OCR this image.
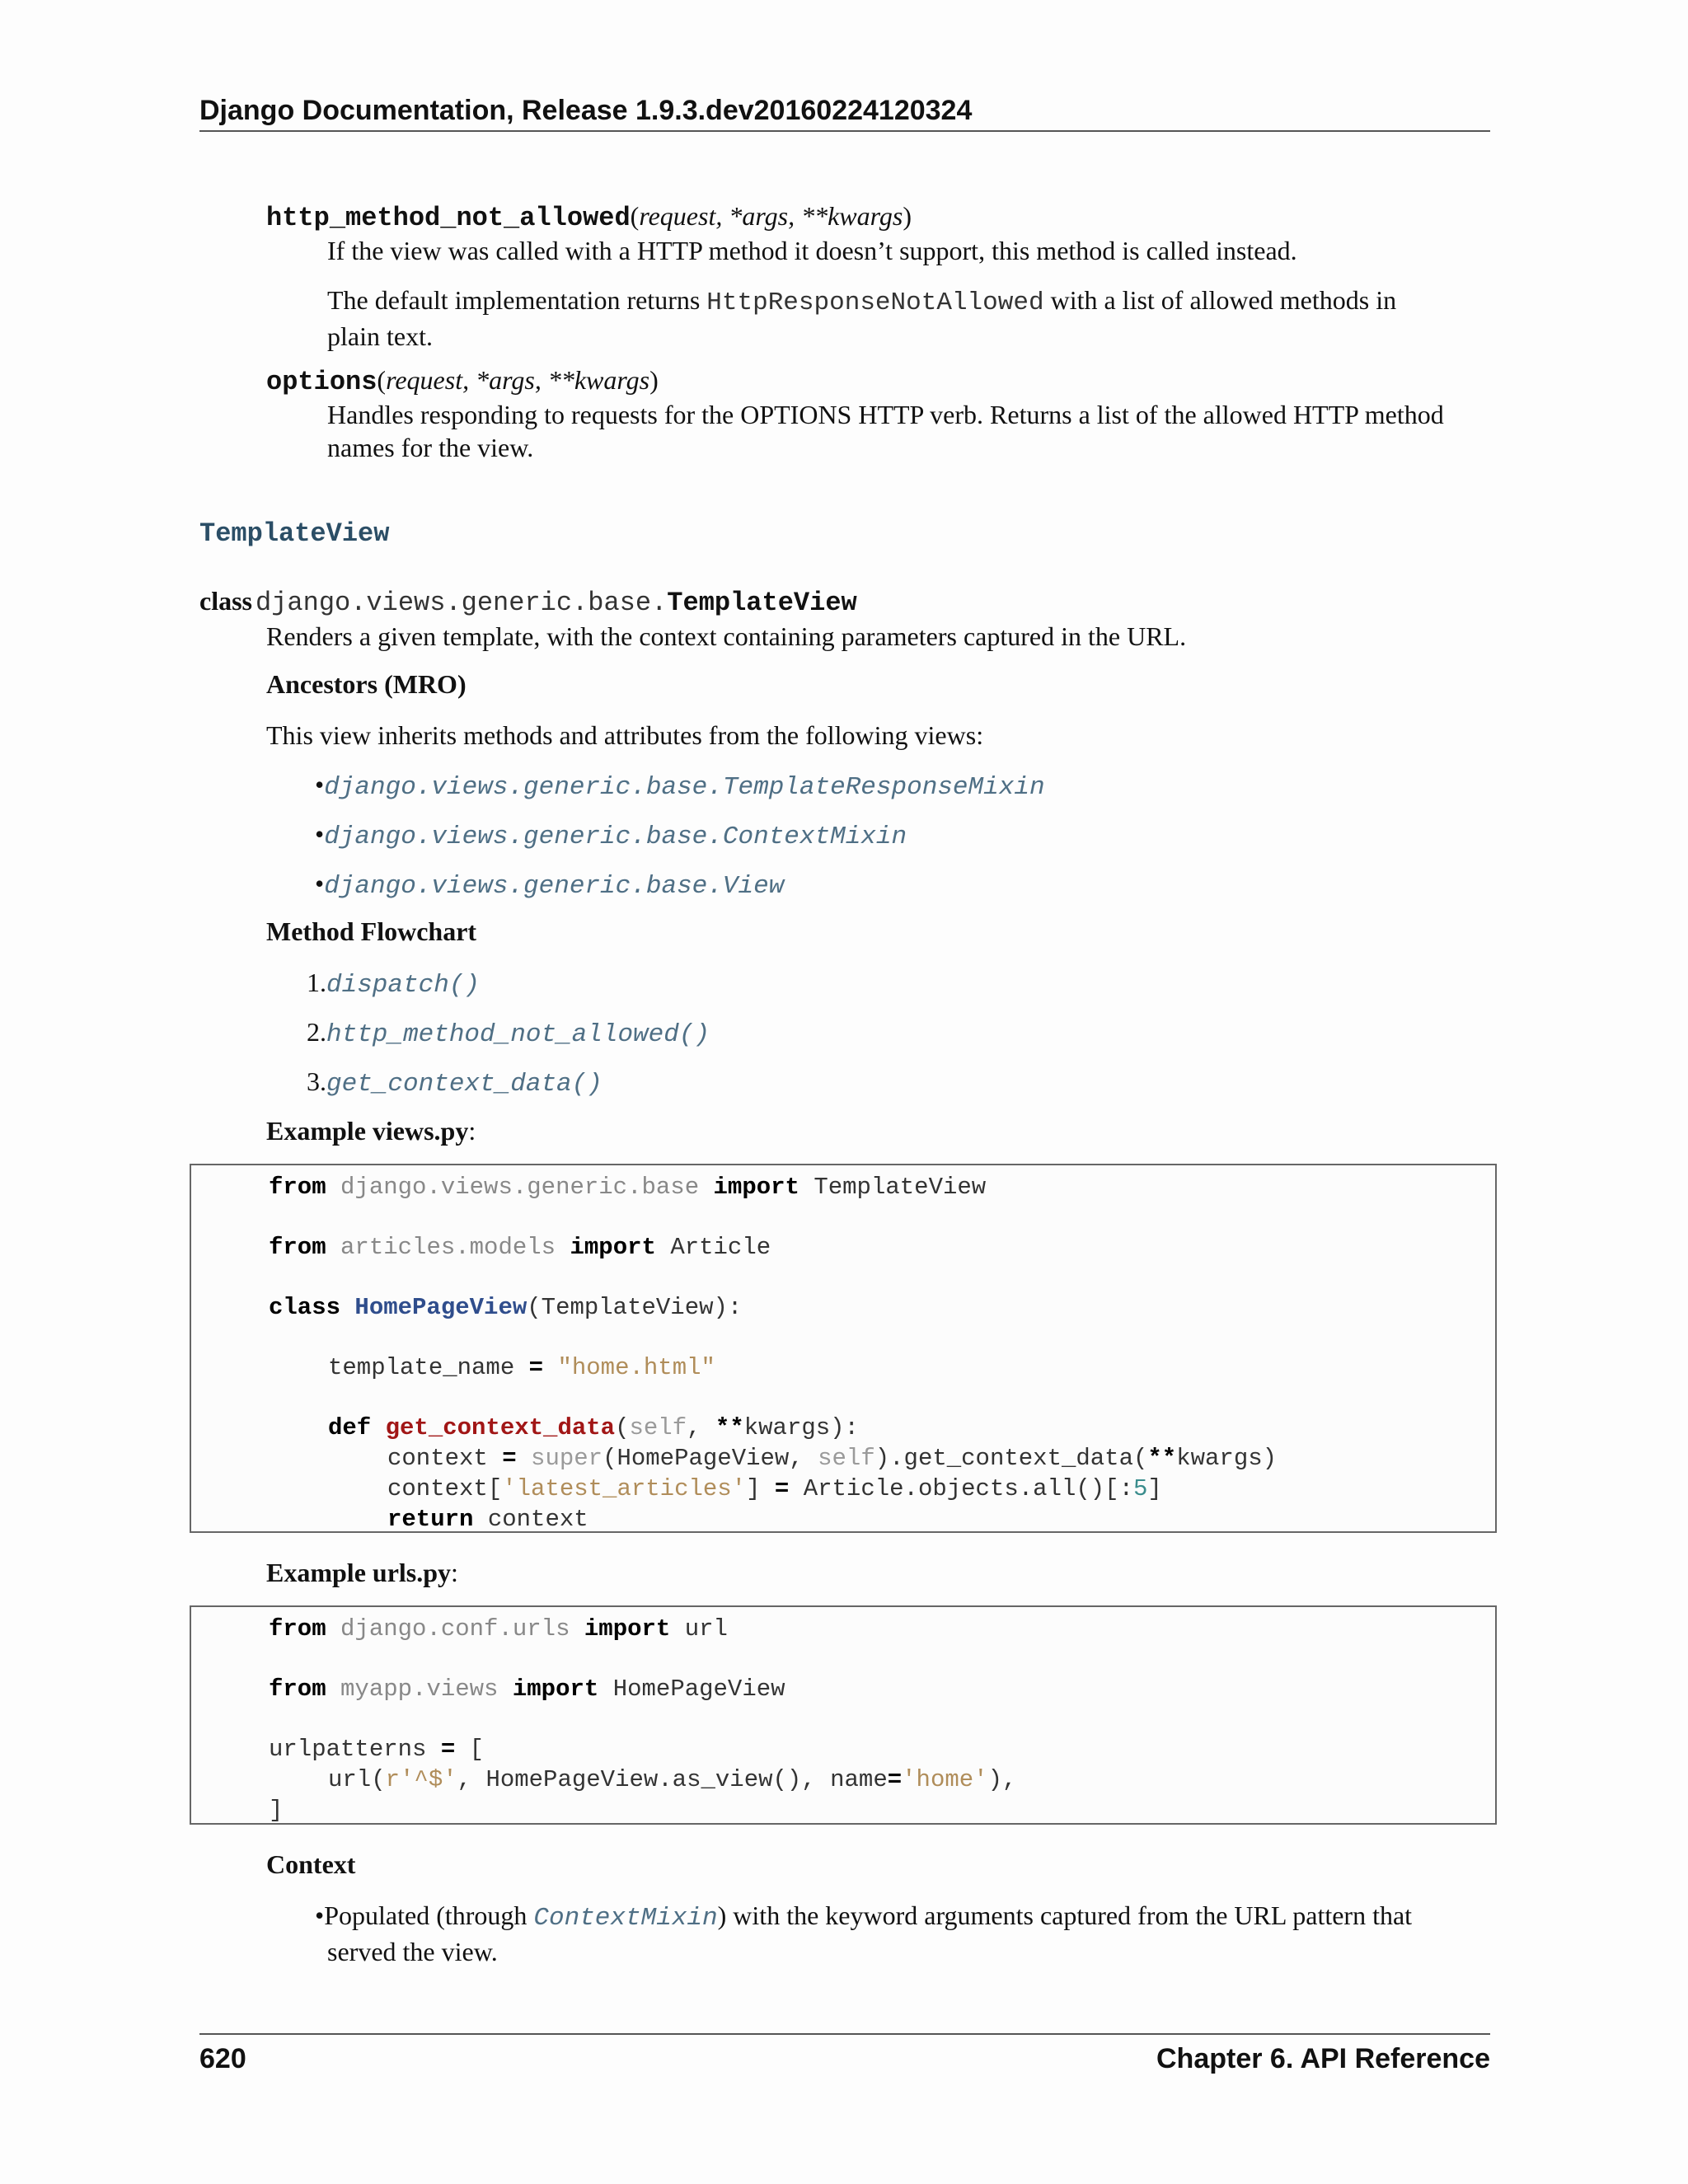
Django Documentation, Release 1.9.3.dev20160224120324
http_method_not_allowed(request, *args, **kwargs)
If the view was called with a HTTP method it doesn’t support, this method is called instead.
The default implementation returns HttpResponseNotAllowed with a list of allowed methods in
plain text.
options(request, *args, **kwargs)
Handles responding to requests for the OPTIONS HTTP verb. Returns a list of the allowed HTTP method
names for the view.
TemplateView
class django.views.generic.base.TemplateView
Renders a given template, with the context containing parameters captured in the URL.
Ancestors (MRO)
This view inherits methods and attributes from the following views:
•django.views.generic.base.TemplateResponseMixin
•django.views.generic.base.ContextMixin
•django.views.generic.base.View
Method Flowchart
1.dispatch()
2.http_method_not_allowed()
3.get_context_data()
Example views.py:
from django.views.generic.base import TemplateView
from articles.models import Article
class HomePageView(TemplateView):
template_name = "home.html"
def get_context_data(self, **kwargs):
context = super(HomePageView, self).get_context_data(**kwargs)
context['latest_articles'] = Article.objects.all()[:5]
return context
Example urls.py:
from django.conf.urls import url
from myapp.views import HomePageView
urlpatterns = [
url(r'^$', HomePageView.as_view(), name='home'),
]
Context
•Populated (through ContextMixin) with the keyword arguments captured from the URL pattern that
served the view.
620	Chapter 6. API Reference
